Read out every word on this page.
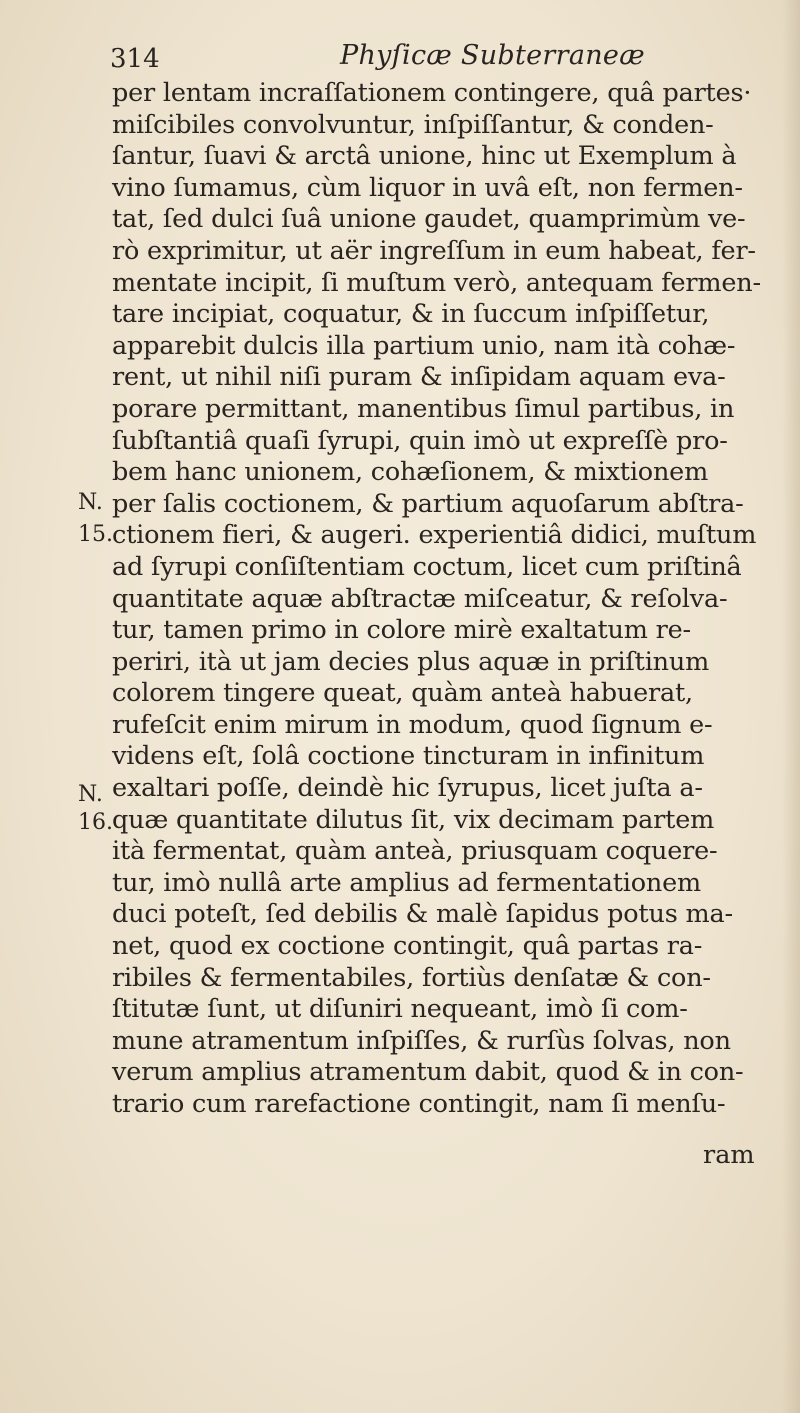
314	Phyſicæ Subterraneæ
N.
15.
N.
16.
per lentam incraſſationem contingere, quâ partes·
miſcibiles convolvuntur, inſpiſſantur, & conden-
ſantur, ſuavi & arctâ unione, hinc ut Exemplum à
vino ſumamus, cùm liquor in uvâ eſt, non fermen-
tat, ſed dulci ſuâ unione gaudet, quamprimùm ve-
rò exprimitur, ut aër ingreſſum in eum habeat, fer-
mentate incipit, ſi muſtum verò, antequam fermen-
tare incipiat, coquatur, & in ſuccum inſpiſſetur,
apparebit dulcis illa partium unio, nam ità cohæ-
rent, ut nihil niſi puram & inſipidam aquam eva-
porare permittant, manentibus ſimul partibus, in
ſubſtantiâ quaſi ſyrupi, quin imò ut expreſſè pro-
bem hanc unionem, cohæſionem, & mixtionem
per ſalis coctionem, & partium aquoſarum abſtra-
ctionem fieri, & augeri. experientiâ didici, muſtum
ad ſyrupi conſiſtentiam coctum, licet cum priſtinâ
quantitate aquæ abſtractæ miſceatur, & reſolva-
tur, tamen primo in colore mirè exaltatum re-
periri, ità ut jam decies plus aquæ in priſtinum
colorem tingere queat, quàm anteà habuerat,
rufeſcit enim mirum in modum, quod ſignum e-
videns eſt, ſolâ coctione tincturam in infinitum
exaltari poſſe, deindè hic ſyrupus, licet juſta a-
quæ quantitate dilutus ſit, vix decimam partem
ità fermentat, quàm anteà, priusquam coquere-
tur, imò nullâ arte amplius ad fermentationem
duci poteſt, ſed debilis & malè ſapidus potus ma-
net, quod ex coctione contingit, quâ partas ra-
ribiles & fermentabiles, fortiùs denſatæ & con-
ſtitutæ ſunt, ut diſuniri nequeant, imò ſi com-
mune atramentum inſpiſſes, & rurſùs ſolvas, non
verum amplius atramentum dabit, quod & in con-
trario cum rarefactione contingit, nam ſi menſu-
ram
